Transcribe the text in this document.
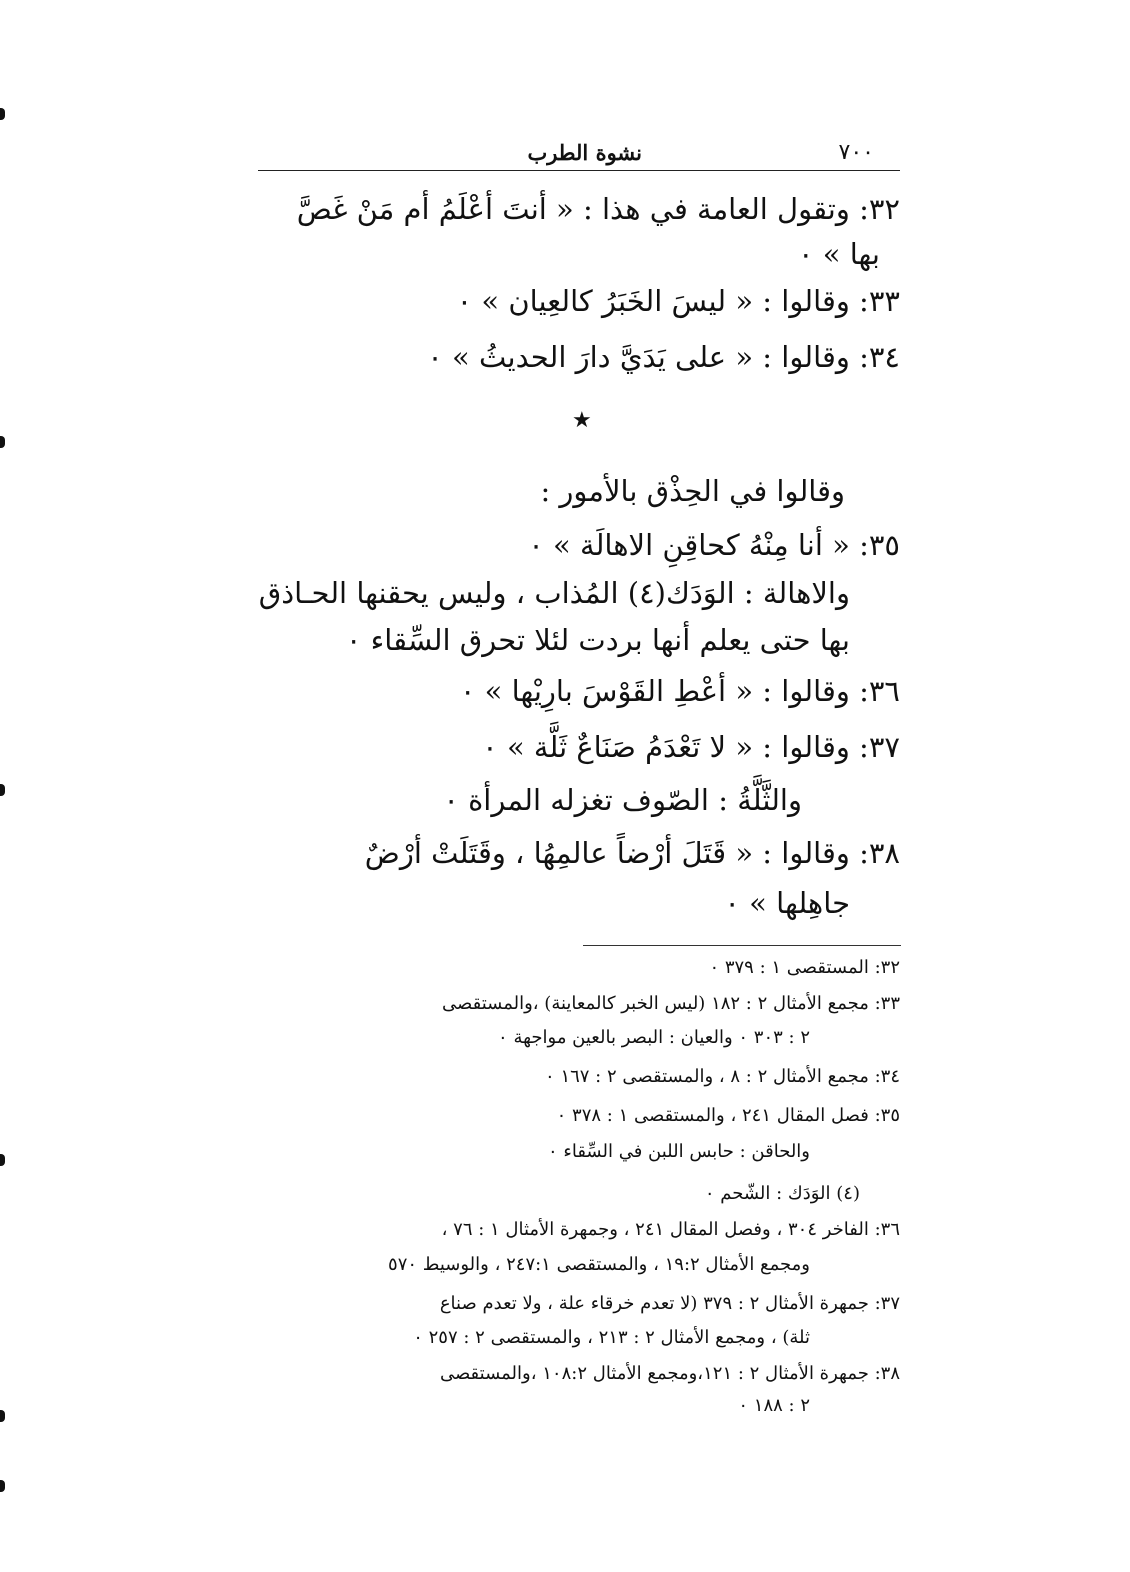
٧٠٠
نشوة الطرب
٣٢: وتقول العامة في هذا : « أنتَ أعْلَمُ أم مَنْ غَصَّ
بها » ٠
٣٣: وقالوا : « ليسَ الخَبَرُ كالعِيان » ٠
٣٤: وقالوا : « على يَدَيَّ دارَ الحديثُ » ٠
★
وقالوا في الحِذْق بالأمور :
٣٥: « أنا مِنْهُ كحاقِنِ الاهالَة » ٠
والاهالة : الوَدَك(٤) المُذاب ، وليس يحقنها الحـاذق
بها حتى يعلم أنها بردت لئلا تحرق السِّقاء ٠
٣٦: وقالوا : « أعْطِ القَوْسَ بارِيْها » ٠
٣٧: وقالوا : « لا تَعْدَمُ صَنَاعٌ ثَلَّة » ٠
والثَّلَّةُ : الصّوف تغزله المرأة ٠
٣٨: وقالوا : « قَتَلَ أرْضاً عالمِهُا ، وقَتَلَتْ أرْضٌ
جاهِلها » ٠
٣٢: المستقصى ١ : ٣٧٩ ٠
٣٣: مجمع الأمثال ٢ : ١٨٢ (ليس الخبر كالمعاينة) ،والمستقصى
٢ : ٣٠٣ ٠ والعيان : البصر بالعين مواجهة ٠
٣٤: مجمع الأمثال ٢ : ٨ ، والمستقصى ٢ : ١٦٧ ٠
٣٥: فصل المقال ٢٤١ ، والمستقصى ١ : ٣٧٨ ٠
والحاقن : حابس اللبن في السِّقاء ٠
(٤) الوَدَك : الشّحم ٠
٣٦: الفاخر ٣٠٤ ، وفصل المقال ٢٤١ ، وجمهرة الأمثال ١ : ٧٦ ،
ومجمع الأمثال ١٩:٢ ، والمستقصى ٢٤٧:١ ، والوسيط ٥٧٠
٣٧: جمهرة الأمثال ٢ : ٣٧٩ (لا تعدم خرقاء علة ، ولا تعدم صناع
ثلة) ، ومجمع الأمثال ٢ : ٢١٣ ، والمستقصى ٢ : ٢٥٧ ٠
٣٨: جمهرة الأمثال ٢ : ١٢١،ومجمع الأمثال ١٠٨:٢ ،والمستقصى
٢ : ١٨٨ ٠
